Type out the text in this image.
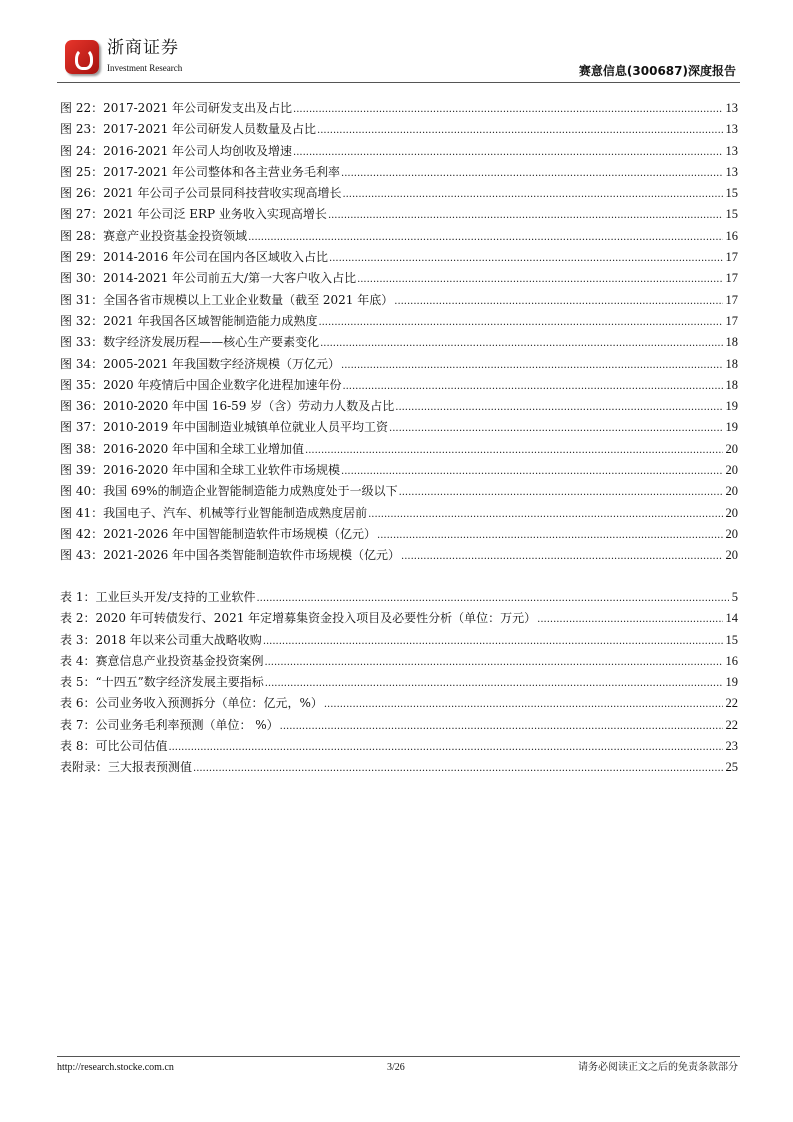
浙商证券
Investment Research	赛意信息(300687)深度报告
图 22：2017-2021 年公司研发支出及占比 .....	13
图 23：2017-2021 年公司研发人员数量及占比 .....	13
图 24：2016-2021 年公司人均创收及增速 .....	13
图 25：2017-2021 年公司整体和各主营业务毛利率 .....	13
图 26：2021 年公司子公司景同科技营收实现高增长 .....	15
图 27：2021 年公司泛 ERP 业务收入实现高增长 .....	15
图 28：赛意产业投资基金投资领域 .....	16
图 29：2014-2016 年公司在国内各区域收入占比 .....	17
图 30：2014-2021 年公司前五大/第一大客户收入占比 .....	17
图 31：全国各省市规模以上工业企业数量（截至 2021 年底） .....	17
图 32：2021 年我国各区域智能制造能力成熟度 .....	17
图 33：数字经济发展历程——核心生产要素变化 .....	18
图 34：2005-2021 年我国数字经济规模（万亿元） .....	18
图 35：2020 年疫情后中国企业数字化进程加速年份 .....	18
图 36：2010-2020 年中国 16-59 岁（含）劳动力人数及占比 .....	19
图 37：2010-2019 年中国制造业城镇单位就业人员平均工资 .....	19
图 38：2016-2020 年中国和全球工业增加值 .....	20
图 39：2016-2020 年中国和全球工业软件市场规模 .....	20
图 40：我国 69%的制造企业智能制造能力成熟度处于一级以下 .....	20
图 41：我国电子、汽车、机械等行业智能制造成熟度居前 .....	20
图 42：2021-2026 年中国智能制造软件市场规模（亿元） .....	20
图 43：2021-2026 年中国各类智能制造软件市场规模（亿元） .....	20
表 1：工业巨头开发/支持的工业软件 .....	5
表 2：2020 年可转债发行、2021 年定增募集资金投入项目及必要性分析（单位：万元） .....	14
表 3：2018 年以来公司重大战略收购 .....	15
表 4：赛意信息产业投资基金投资案例 .....	16
表 5：“十四五”数字经济发展主要指标 .....	19
表 6：公司业务收入预测拆分（单位：亿元，%） .....	22
表 7：公司业务毛利率预测（单位： %） .....	22
表 8：可比公司估值 .....	23
表附录：三大报表预测值 .....	25
http://research.stocke.com.cn	3/26	请务必阅读正文之后的免责条款部分
